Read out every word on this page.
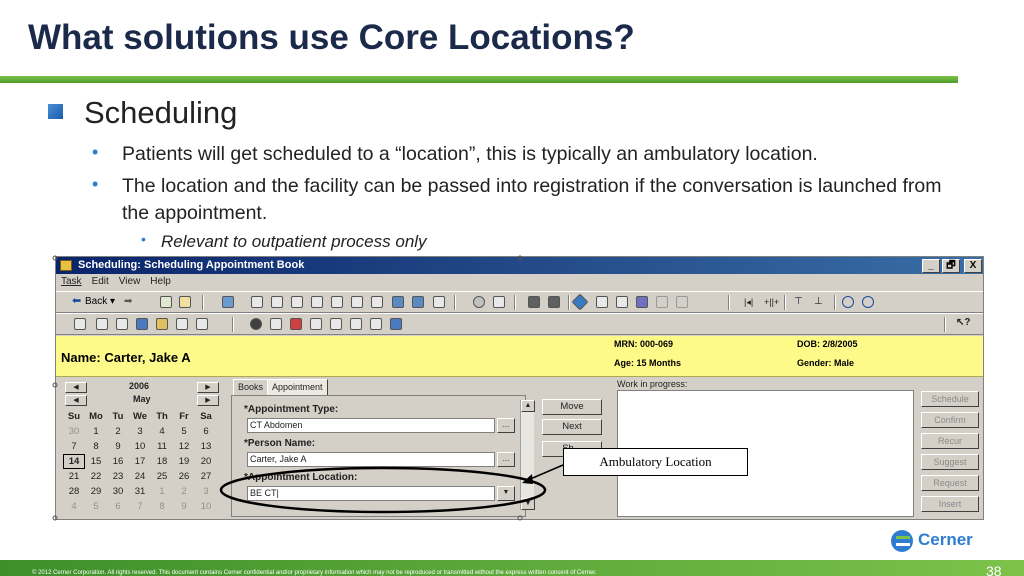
What solutions use Core Locations?
Scheduling
• Patients will get scheduled to a “location”, this is typically an ambulatory location.
• The location and the facility can be passed into registration if the conversation is launched from the appointment.
• Relevant to outpatient process only
Scheduling: Scheduling Appointment Book	_	🗗	X
Task Edit View Help
⬅ Back ▾ ➡	|◂|	+||+ ⊤	⊥
↖?
Name: Carter, Jake A
MRN: 000-069
Age: 15 Months
DOB: 2/8/2005
Gender: Male
◀	2006	▶
◀	May	▶
Su Mo	Tu	We Th	Fr	Sa
30	1	2	3	4	5	6
7	8	9	10	11	12	13
14	15	16	17	18	19	20
21	22	23	24	25	26	27
28	29	30	31	1	2	3
4	5	6	7	8	9	10
Books Appointment
*Appointment Type:
CT Abdomen	...
*Person Name:
Carter, Jake A	...
*Appointment Location:
BE CT|	▼
▲
▼
Move
Next
Work in progress:
Schedule
Confirm
Recur
Suggest
Request
Insert
Ambulatory Location
Cerner
© 2012 Cerner Corporation. All rights reserved. This document contains Cerner confidential and/or proprietary information which may not be reproduced or transmitted without the express written consent of Cerner.	38
